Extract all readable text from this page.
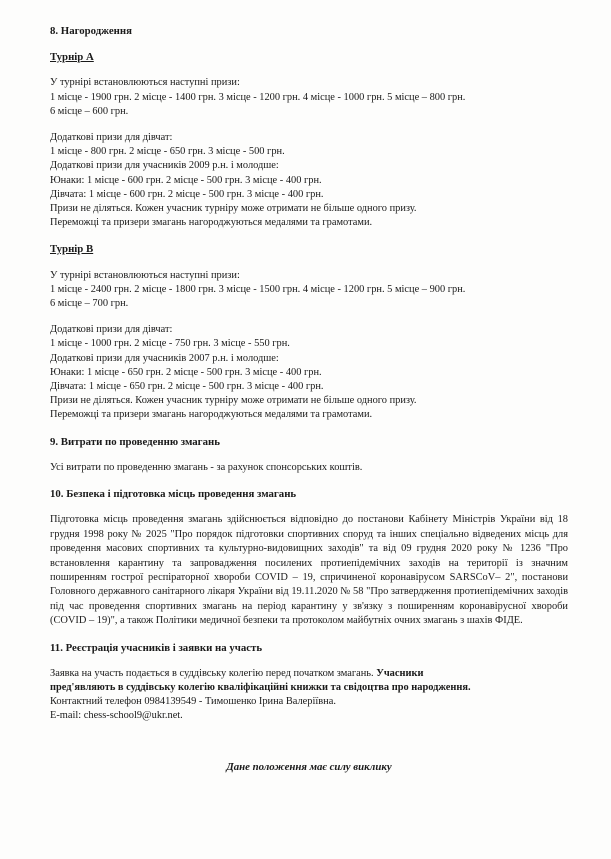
8. Нагородження
Турнір А
У турнірі встановлюються наступні призи:
1 місце - 1900 грн. 2 місце - 1400 грн. 3 місце - 1200 грн. 4 місце - 1000 грн. 5 місце – 800 грн.
6 місце – 600 грн.
Додаткові призи для дівчат:
1 місце - 800 грн. 2 місце - 650 грн. 3 місце - 500 грн.
Додаткові призи для учасників 2009 р.н. і молодше:
Юнаки: 1 місце - 600 грн. 2 місце - 500 грн. 3 місце - 400 грн.
Дівчата: 1 місце - 600 грн. 2 місце - 500 грн. 3 місце - 400 грн.
Призи не діляться. Кожен учасник турніру може отримати не більше одного призу.
Переможці та призери змагань нагороджуються медалями та грамотами.
Турнір В
У турнірі встановлюються наступні призи:
1 місце - 2400 грн. 2 місце - 1800 грн. 3 місце - 1500 грн. 4 місце - 1200 грн. 5 місце – 900 грн.
6 місце – 700 грн.
Додаткові призи для дівчат:
1 місце - 1000 грн. 2 місце - 750 грн. 3 місце - 550 грн.
Додаткові призи для учасників 2007 р.н. і молодше:
Юнаки: 1 місце - 650 грн. 2 місце - 500 грн. 3 місце - 400 грн.
Дівчата: 1 місце - 650 грн. 2 місце - 500 грн. 3 місце - 400 грн.
Призи не діляться. Кожен учасник турніру може отримати не більше одного призу.
Переможці та призери змагань нагороджуються медалями та грамотами.
9. Витрати по проведенню змагань
Усі витрати по проведенню змагань - за рахунок спонсорських коштів.
10. Безпека і підготовка місць проведення змагань
Підготовка місць проведення змагань здійснюється відповідно до постанови Кабінету Міністрів України від 18 грудня 1998 року № 2025 "Про порядок підготовки спортивних споруд та інших спеціально відведених місць для проведення масових спортивних та культурно-видовищних заходів" та від 09 грудня 2020 року № 1236 "Про встановлення карантину та запровадження посилених протиепідемічних заходів на території із значним поширенням гострої респіраторної хвороби COVID – 19, спричиненої коронавірусом SARSCoV– 2", постанови Головного державного санітарного лікаря України від 19.11.2020 № 58 "Про затвердження протиепідемічних заходів під час проведення спортивних змагань на період карантину у зв'язку з поширенням коронавірусної хвороби (COVID – 19)", а також Політики медичної безпеки та протоколом майбутніх очних змагань з шахів ФІДЕ.
11. Реєстрація учасників і заявки на участь
Заявка на участь подається в суддівську колегію перед початком змагань. Учасники
пред'являють в суддівську колегію кваліфікаційні книжки та свідоцтва про народження.
Контактний телефон 0984139549 - Тимошенко Ірина Валеріївна.
E-mail: chess-school9@ukr.net.
Дане положення має силу виклику
